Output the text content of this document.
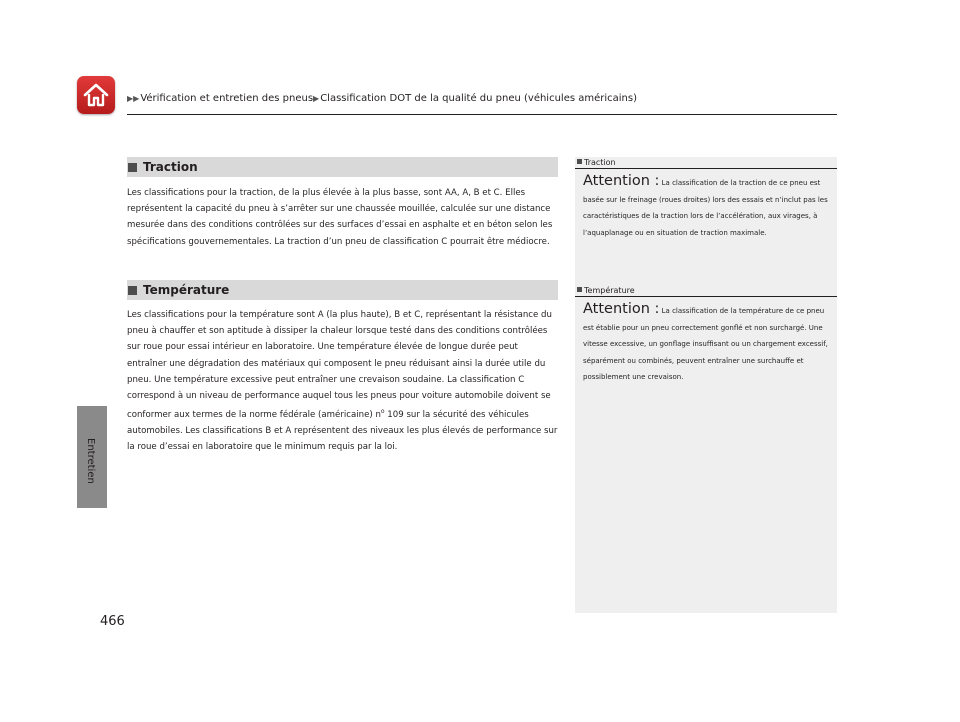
▶▶Vérification et entretien des pneus▶Classification DOT de la qualité du pneu (véhicules américains)
Entretien
466
Traction

Les classifications pour la traction, de la plus élevée à la plus basse, sont AA, A, B et C. Elles représentent la capacité du pneu à s’arrêter sur une chaussée mouillée, calculée sur une distance mesurée dans des conditions contrôlées sur des surfaces d’essai en asphalte et en béton selon les spécifications gouvernementales. La traction d’un pneu de classification C pourrait être médiocre.

Température

Les classifications pour la température sont A (la plus haute), B et C, représentant la résistance du pneu à chauffer et son aptitude à dissiper la chaleur lorsque testé dans des conditions contrôlées sur roue pour essai intérieur en laboratoire. Une température élevée de longue durée peut entraîner une dégradation des matériaux qui composent le pneu réduisant ainsi la durée utile du pneu. Une température excessive peut entraîner une crevaison soudaine. La classification C correspond à un niveau de performance auquel tous les pneus pour voiture automobile doivent se conformer aux termes de la norme fédérale (américaine) $n^o$ 109 sur la sécurité des véhicules automobiles. Les classifications B et A représentent des niveaux les plus élevés de performance sur la roue d’essai en laboratoire que le minimum requis par la loi.

Traction
Attention : La classification de la traction de ce pneu est basée sur le freinage (roues droites) lors des essais et n’inclut pas les caractéristiques de la traction lors de l’accélération, aux virages, à l’aquaplanage ou en situation de traction maximale.
Température
Attention : La classification de la température de ce pneu est établie pour un pneu correctement gonflé et non surchargé. Une vitesse excessive, un gonflage insuffisant ou un chargement excessif, séparément ou combinés, peuvent entraîner une surchauffe et possiblement une crevaison.
